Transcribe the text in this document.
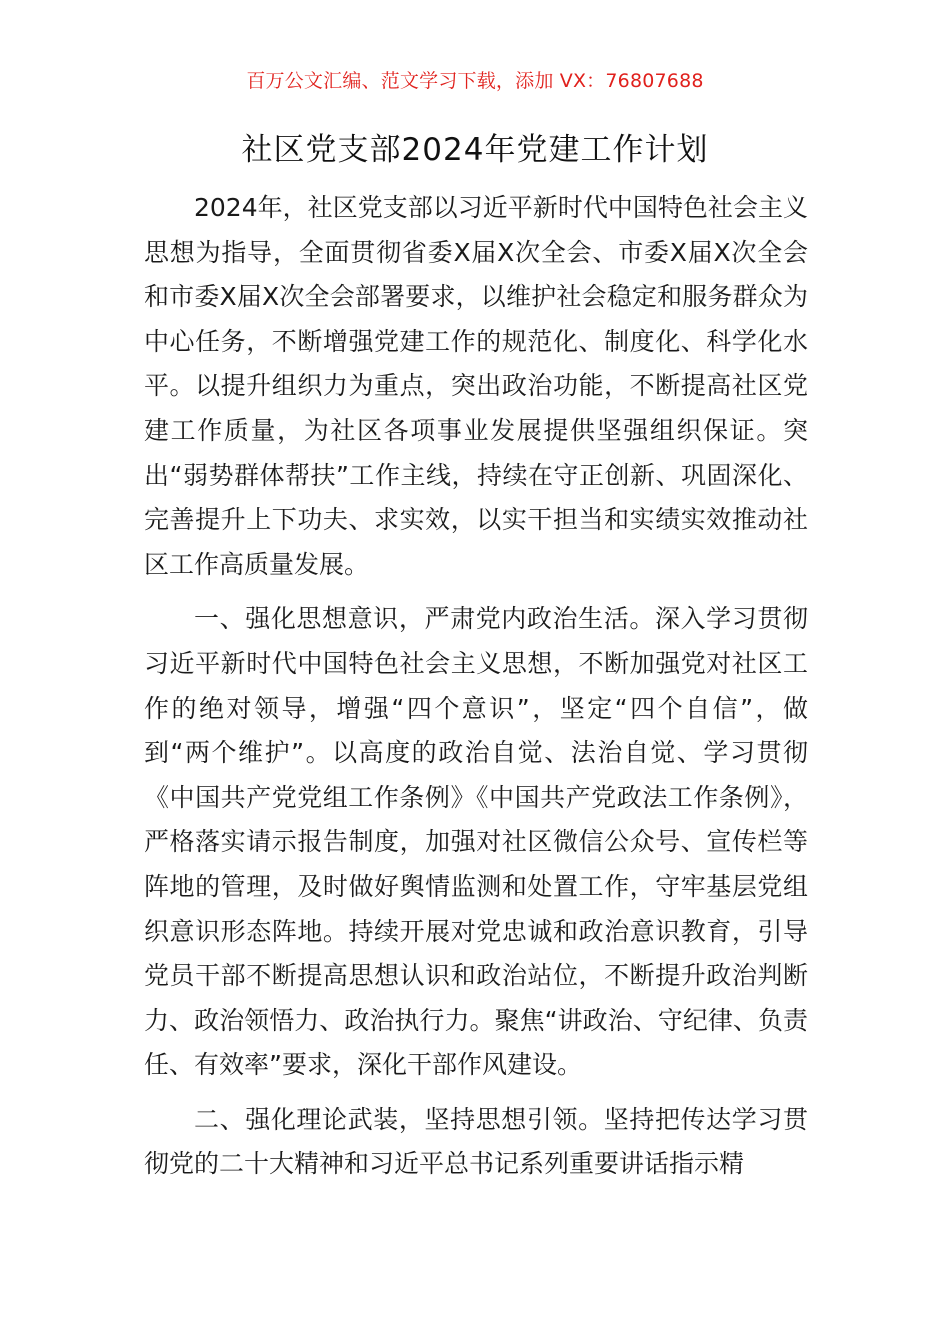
百万公文汇编、范文学习下载，添加 VX：76807688
社区党支部2024年党建工作计划

2024年，社区党支部以习近平新时代中国特色社会主义思想为指导，全面贯彻省委X届X次全会、市委X届X次全会和市委X届X次全会部署要求，以维护社会稳定和服务群众为中心任务，不断增强党建工作的规范化、制度化、科学化水平。以提升组织力为重点，突出政治功能，不断提高社区党建工作质量，为社区各项事业发展提供坚强组织保证。突出“弱势群体帮扶”工作主线，持续在守正创新、巩固深化、完善提升上下功夫、求实效，以实干担当和实绩实效推动社区工作高质量发展。

一、强化思想意识，严肃党内政治生活。深入学习贯彻习近平新时代中国特色社会主义思想，不断加强党对社区工作的绝对领导，增强“四个意识”，坚定“四个自信”，做到“两个维护”。以高度的政治自觉、法治自觉、学习贯彻《中国共产党党组工作条例》《中国共产党政法工作条例》，严格落实请示报告制度，加强对社区微信公众号、宣传栏等阵地的管理，及时做好舆情监测和处置工作，守牢基层党组织意识形态阵地。持续开展对党忠诚和政治意识教育，引导党员干部不断提高思想认识和政治站位，不断提升政治判断力、政治领悟力、政治执行力。聚焦“讲政治、守纪律、负责任、有效率”要求，深化干部作风建设。

二、强化理论武装，坚持思想引领。坚持把传达学习贯彻党的二十大精神和习近平总书记系列重要讲话指示精
